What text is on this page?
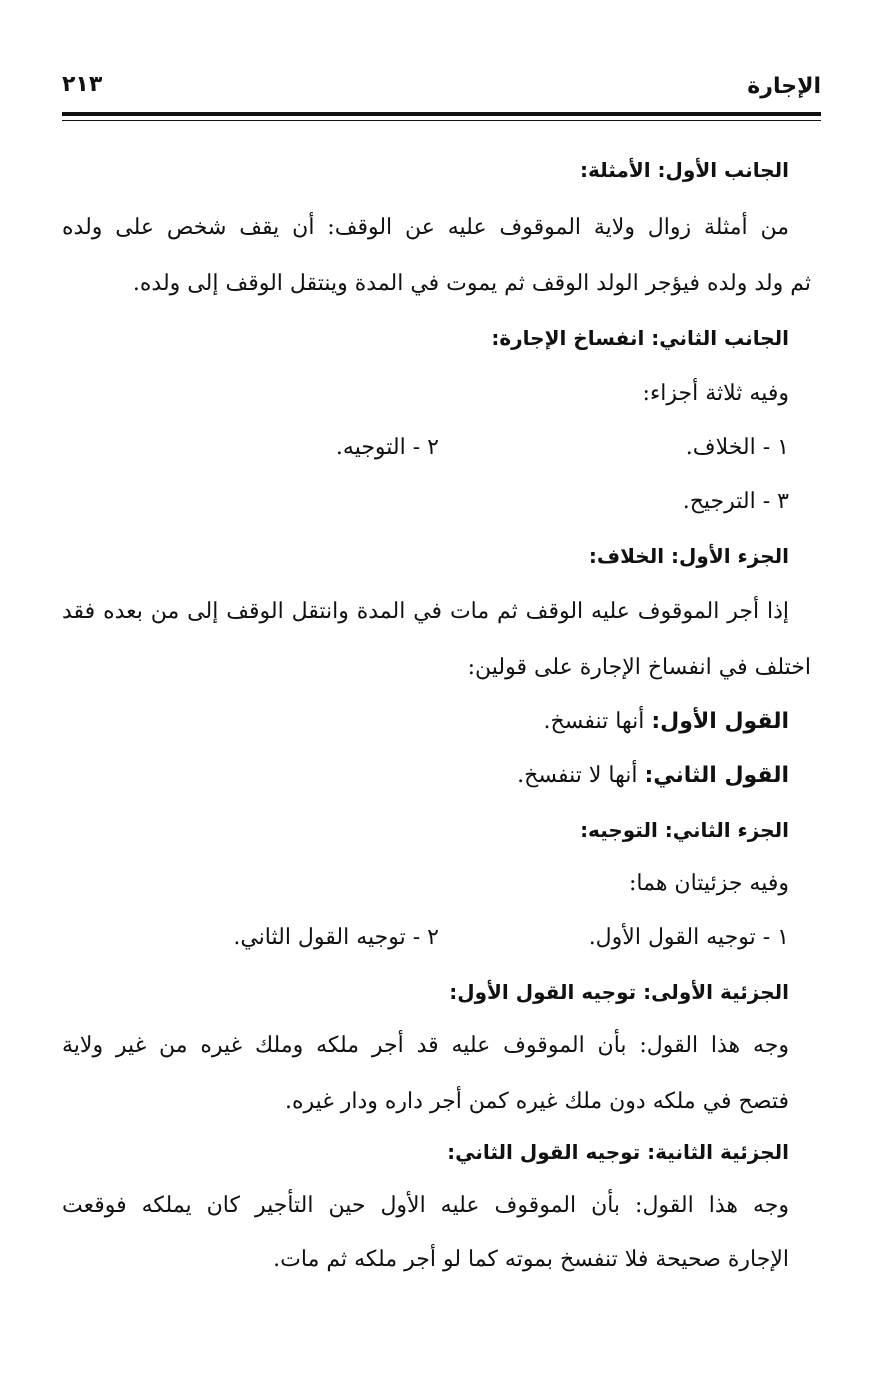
الإجارة
٢١٣
الجانب الأول: الأمثلة:
من أمثلة زوال ولاية الموقوف عليه عن الوقف: أن يقف شخص على ولده
ثم ولد ولده فيؤجر الولد الوقف ثم يموت في المدة وينتقل الوقف إلى ولده.
الجانب الثاني: انفساخ الإجارة:
وفيه ثلاثة أجزاء:
١ - الخلاف.
٢ - التوجيه.
٣ - الترجيح.
الجزء الأول: الخلاف:
إذا أجر الموقوف عليه الوقف ثم مات في المدة وانتقل الوقف إلى من بعده فقد
اختلف في انفساخ الإجارة على قولين:
القول الأول: أنها تنفسخ.
القول الثاني: أنها لا تنفسخ.
الجزء الثاني: التوجيه:
وفيه جزئيتان هما:
١ - توجيه القول الأول.
٢ - توجيه القول الثاني.
الجزئية الأولى: توجيه القول الأول:
وجه هذا القول: بأن الموقوف عليه قد أجر ملكه وملك غيره من غير ولاية
فتصح في ملكه دون ملك غيره كمن أجر داره ودار غيره.
الجزئية الثانية: توجيه القول الثاني:
وجه هذا القول: بأن الموقوف عليه الأول حين التأجير كان يملكه فوقعت
الإجارة صحيحة فلا تنفسخ بموته كما لو أجر ملكه ثم مات.
